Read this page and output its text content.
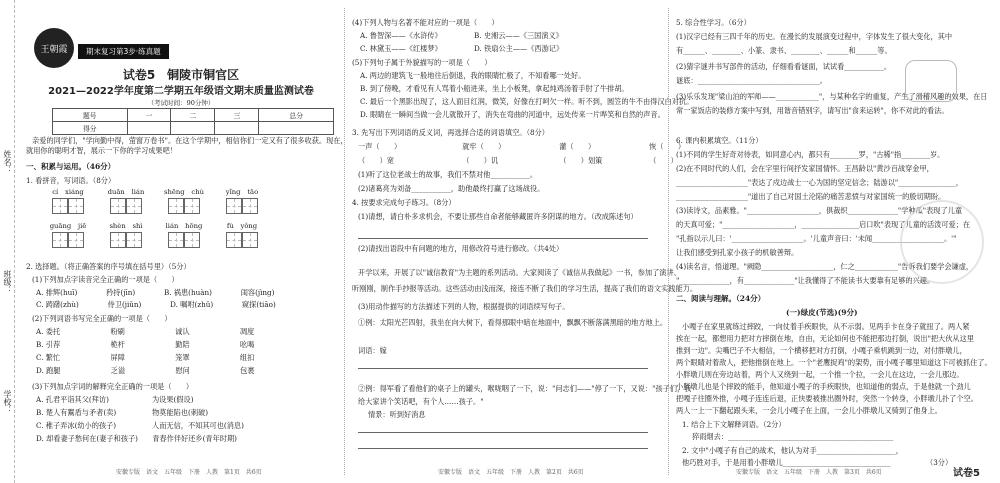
姓名：
班级：
学校：
王朝霞	期末复习第3步·练真题
试卷5　铜陵市铜官区
2021—2022学年度第二学期五年级语文期末质量监测试卷
（考试时间：90分钟）
题号	一	二	三	总分
得分				
亲爱的同学们，"学向勤中得，萤窗万卷书"。在这个学期中，相信你们一定又有了很多收获。现在，
就用你的聪明才智，展示一下你的学习成果吧！
一、积累与运用。（46分）
1. 看拼音，写词语。（8分）
cí　xiáng	duān　lián	shēng　chù	yǐng　tāo
guāng　jiē	shèn　shì	lián　hōng	fù　yǒng
2. 选择题。（将正确答案的序号填在括号里）（5分）
(1)下列加点字读音完全正确的一项是（　　）
A. 排辉(huī)　　　　矜持(jīn)　　　　B. 祸患(huàn)　　　　闺容(jìng)
C. 踌躇(zhù)　　　　侍卫(jiǔn)　　　　D. 嘱咐(zhǔ)　　　　窥探(tiāo)
(2)下列词语书写完全正确的一项是（　　）
A. 委托　　　　　　　粉刷　　　　　　　诚认　　　　　　　凋度
B. 引荐　　　　　　　桅杆　　　　　　　勤陪　　　　　　　吆喝
C. 繁忙　　　　　　　屏障　　　　　　　笼罩　　　　　　　组扣
D. 跑腿　　　　　　　乏溢　　　　　　　慰问　　　　　　　包裹
(3)下列加点字词的解释完全正确的一项是（　　）
A. 孔君平诣其父(拜访)　　　　　　为设果(假设)
B. 楚人有鬻盾与矛者(卖)　　　　　物莫能陷也(刺破)
C. 稚子弄冰(幼小的孩子)　　　　　人而无信，不知其可也(消息)
D. 却看妻子愁何在(妻子和孩子)　　青春作伴好还乡(青年时期)
安徽专版　语文　五年级　下册　人教　第1页　共6页
(4)下列人物与名著不能对应的一项是（　　）
A. 鲁智深——《水浒传》　　　　　B. 史湘云——《三国演义》
C. 林黛玉——《红楼梦》　　　　　D. 铁扇公主——《西游记》
(5)下列句子属于外貌描写的一项是（　　）
A. 两边的建筑飞一般地往后倒退，我的眼睛忙极了，不知看哪一处好。
B. 到了傍晚，才看见有人骂着小船进来，坐上小板凳，拿起炖鸡汤着手肘了牛排胡。
C. 最后一个黑影出现了，这人面目红润，微笑，好像在打呵欠一样。听不到，圆笠的牛不由得汉白对抗。
D. 眼睛在一瞬间当做一会儿就散开了，消失在弯曲的河道中，远处传来一片哗笑和自然的声音。
3. 先写出下列词语的反义词，再选择合适的词语填空。（8分）
一声（　　）　　　　　　　　　就牢（　　）　　　　　　　　灌（　　）　　　　　　　　恢（　　）
（　　）宽　　　　　　　　　　（　　）讥　　　　　　　　　（　　）划策　　　　　　　（　　）
(1)听了这位老战士的故事，我们不禁对他___________。
(2)诸葛亮为刘备___________，助他最终打赢了这场战役。
4. 按要求完成句子练习。（8分）
(1)请想，请白朴多求机会，不要让那些自命者能够藏匿许多阴谋的地方。（改成陈述句）
(2)请找出语段中有问题的地方，用修改符号进行修改。（共4处）
开学以来，开展了以"诚信教育"为主题的系列活动。大家阅读了《诚信从我做起》一书，参加了演讲、
听刚刚，制作手抄报等活动。这些活动由浅而深，接连不断了我们的学习生活，提高了我们的语文实践能力。
(3)用动作描写的方法描述下列的人物，根据提供的词语续写句子。
①例：太阳光芒四射，我坐在向大树下，看得那眼中暗在地面中，飘飘不断落满黑暗的地方地上。
词语：嫁
②例：得军看了看他们的桌子上的罐头，喉咙咽了一下，说："问志们——"停了一下，又说："孩子们，我
给大家讲个笑话吧，有个人……孩子。"
情景：听到好消息
安徽专版　语文　五年级　下册　人教　第2页　共6页
5. 综合性学习。（6分）
(1)汉字已经有三四千年的历史。在漫长的发展演变过程中，字体发生了很大变化，其中
有______、________、小篆、隶书、________、______和______等。
(2)猜字谜并书写部件的活动，仔细看看谜面，试试看___________。
谜底：__________________________________。
(3)乐乐发现"梁山泊的军师——____________"，与某种名字的重复，产生了滑稽风趣的效果，在日
常一家饭店的装修方案中写到，用谐音错别字，请写出"食来运转"，你不对此的看法。
6. 课内积累填空。（11分）
(1)不同的学生好奇对待表，如同意心内，都只有________罗，"古稀"指________岁。
(2)在不同时代的人们，会在字里行间抒发家国情怀。王昌龄以"黄沙百战穿金甲，
____________________"表达了戍边战士一心为国的坚定信念；陆游以"________________，
____________________"道出了自己对国土沦陷的痛苦悲愤与对家国统一的殷切期盼。
(3)读诗文，品素雅。"____________________，俱裁织______________"学种瓜"表现了儿童
的天真可爱；"____________________，________________启口吹"表现了儿童的活泼可爱；在
"孔指以示儿曰：'____________________。'儿童声音曰：'未闻____________________。'"
让我们感受到孔家小孩子的机敏善辩。
(4)读名言，悟道理。"阙隐____________________，仁之____________"告诉我们要学会谦虚，
"______________，有______________"让我懂得了不能读书大要靠有足够的兴趣。
二、阅读与理解。（24分）
(一)绿皮(节选)(9分)
小嘎子在家里就练过摔跤，一向仗着手疾眼快，从不示弱。见两手卡在身子就扭了。两人紧
挨在一起，都想用力把对方摔倒在地，自由，无论如何也不能把那边打倒，说出"把大伙从这里
推到一边"。尖嘴巴子不大相信，一个横移把对方打倒，小嘎子乘机跳到一边，对付胖墩儿，
两个眼睛对着敌人，把他推倒在地上。一个"老鹰捉鸡"的架势，而小嘎子哪里知道这下可被抓住了。
小胖墩儿则在旁边站着，两个人又绕到一起，一个推一个拉，一会儿在这边，一会儿那边。
小胖墩儿也是个摔跤的能手，他知道小嘎子的手疾眼快，也知道他的弱点，于是他就一个劲儿
把嘎子往圈外推，小嘎子连连后退，正快要被推出圈外时，突然一个转身，小胖墩儿扑了个空。
两人一上一下翻起跟头来，一会儿小嘎子在上面，一会儿小胖墩儿又骑到了他身上。
1. 结合上下文解释词语。（2分）
猝雨烟去：______________________________________________
2. 文中"小嘎子有自己的战术，他认为对手______________________，
他巧胜对手，于是用着小胖墩儿______________________________	（3分）
安徽专版　语文　五年级　下册　人教　第3页　共6页	试卷5
